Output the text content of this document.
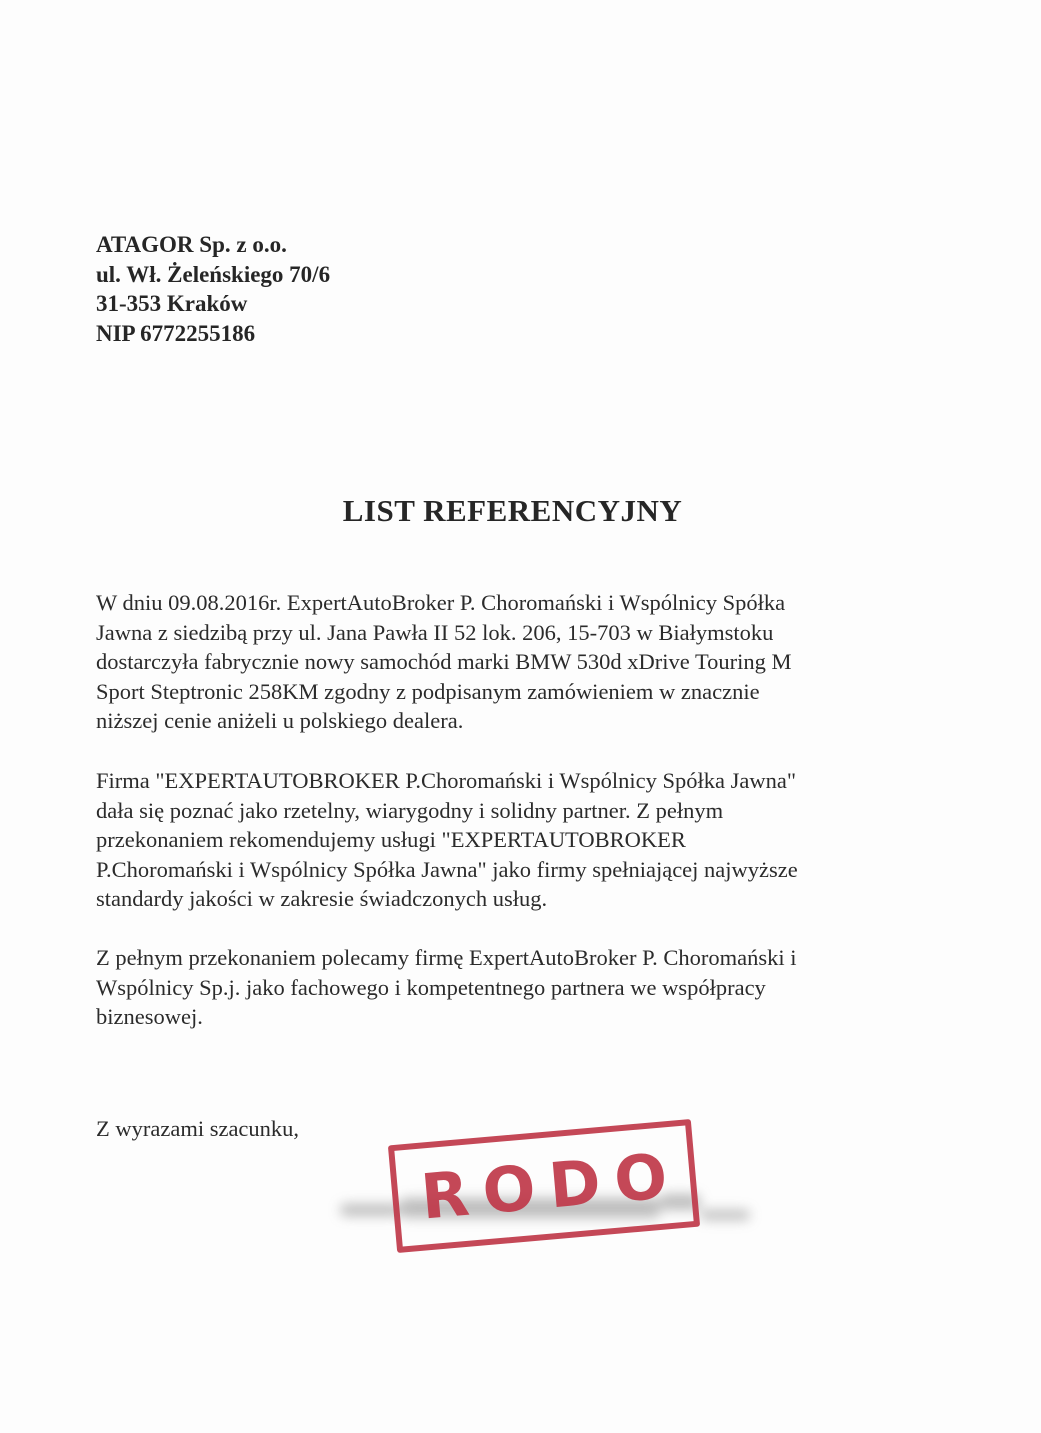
ATAGOR Sp. z o.o.
ul. Wł. Żeleńskiego 70/6
31-353 Kraków
NIP 6772255186
LIST REFERENCYJNY
W dniu 09.08.2016r. ExpertAutoBroker P. Choromański i Wspólnicy Spółka
Jawna z siedzibą przy ul. Jana Pawła II 52 lok. 206, 15-703 w Białymstoku
dostarczyła fabrycznie nowy samochód marki BMW 530d xDrive Touring M
Sport Steptronic 258KM zgodny z podpisanym zamówieniem w znacznie
niższej cenie aniżeli u polskiego dealera.
Firma "EXPERTAUTOBROKER P.Choromański i Wspólnicy Spółka Jawna"
dała się poznać jako rzetelny, wiarygodny i solidny partner. Z pełnym
przekonaniem rekomendujemy usługi "EXPERTAUTOBROKER
P.Choromański i Wspólnicy Spółka Jawna" jako firmy spełniającej najwyższe
standardy jakości w zakresie świadczonych usług.
Z pełnym przekonaniem polecamy firmę ExpertAutoBroker P. Choromański i
Wspólnicy Sp.j. jako fachowego i kompetentnego partnera we współpracy
biznesowej.
Z wyrazami szacunku,
RODO
